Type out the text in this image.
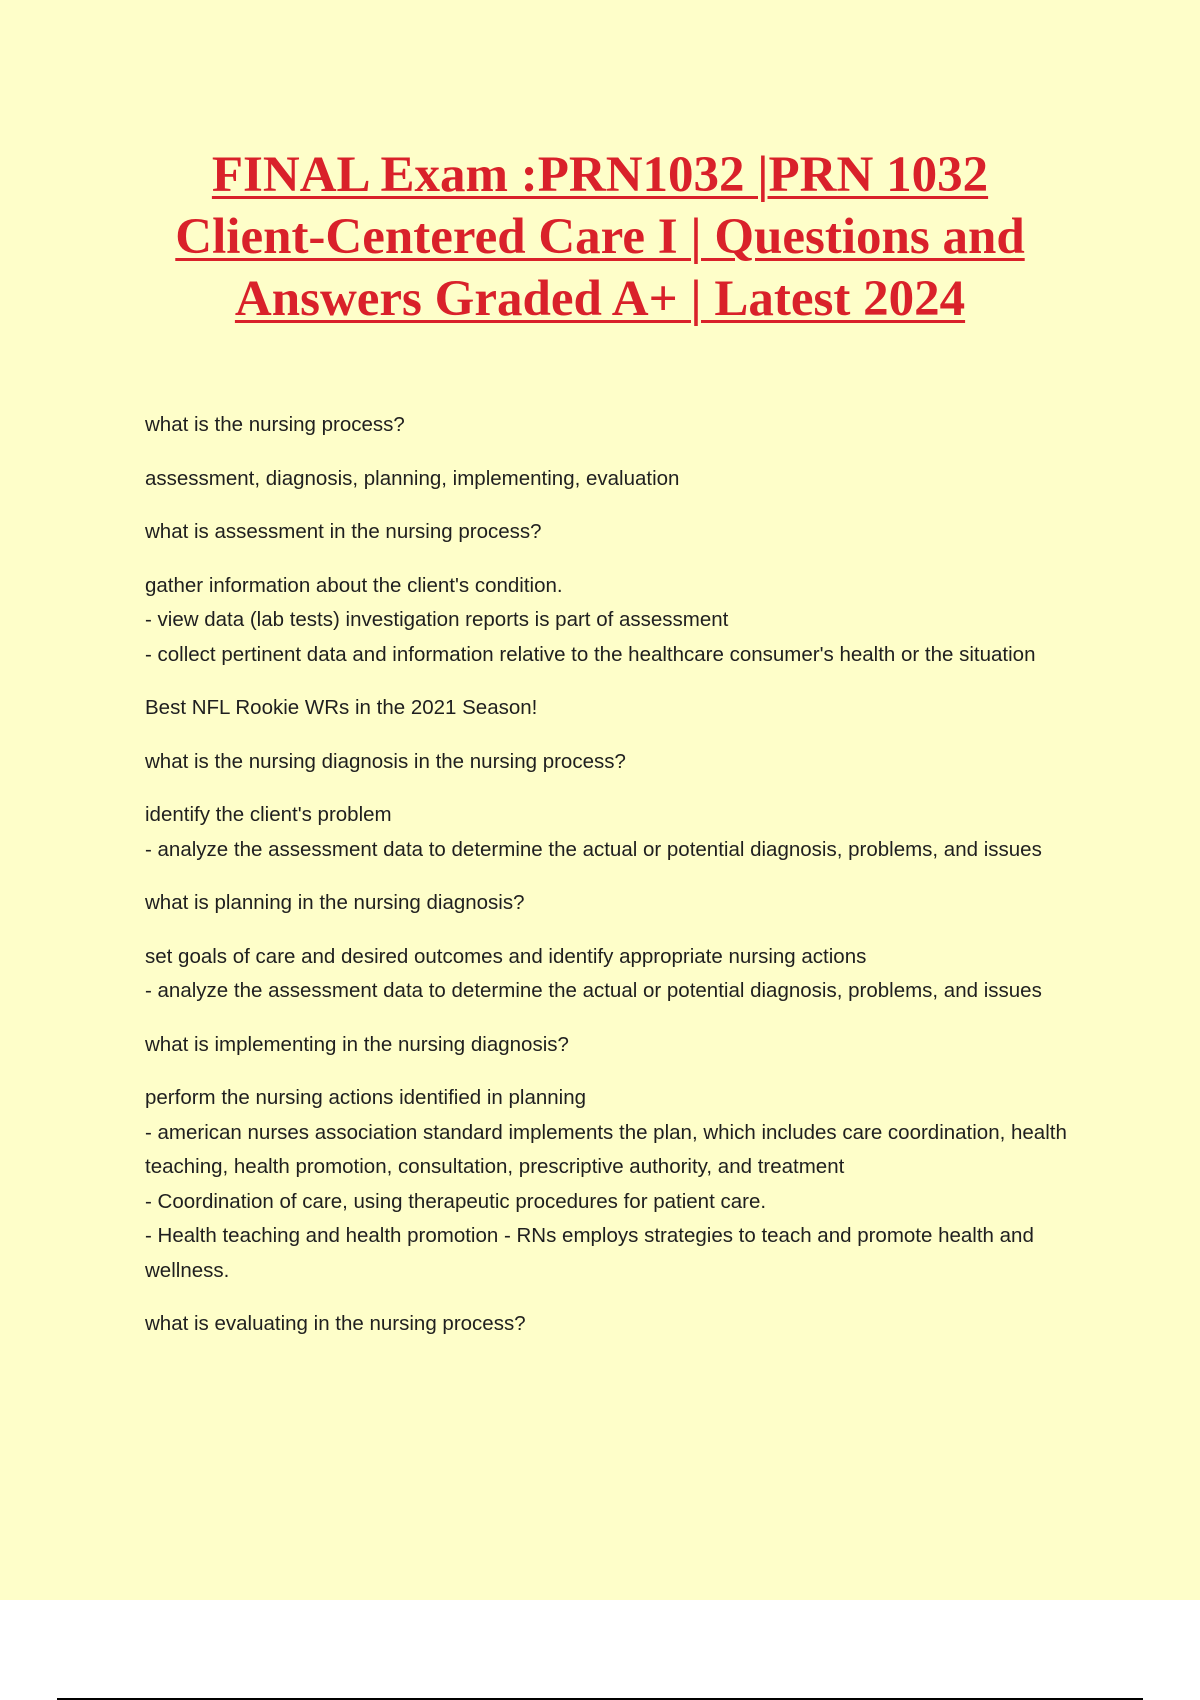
FINAL Exam :PRN1032 |PRN 1032
Client-Centered Care I | Questions and
Answers Graded A+ | Latest 2024

what is the nursing process?

assessment, diagnosis, planning, implementing, evaluation

what is assessment in the nursing process?

gather information about the client's condition.
- view data (lab tests) investigation reports is part of assessment
- collect pertinent data and information relative to the healthcare consumer's health or the situation

Best NFL Rookie WRs in the 2021 Season!

what is the nursing diagnosis in the nursing process?

identify the client's problem
- analyze the assessment data to determine the actual or potential diagnosis, problems, and issues

what is planning in the nursing diagnosis?

set goals of care and desired outcomes and identify appropriate nursing actions
- analyze the assessment data to determine the actual or potential diagnosis, problems, and issues

what is implementing in the nursing diagnosis?

perform the nursing actions identified in planning
- american nurses association standard implements the plan, which includes care coordination, health teaching, health promotion, consultation, prescriptive authority, and treatment
- Coordination of care, using therapeutic procedures for patient care.
- Health teaching and health promotion - RNs employs strategies to teach and promote health and wellness.

what is evaluating in the nursing process?
